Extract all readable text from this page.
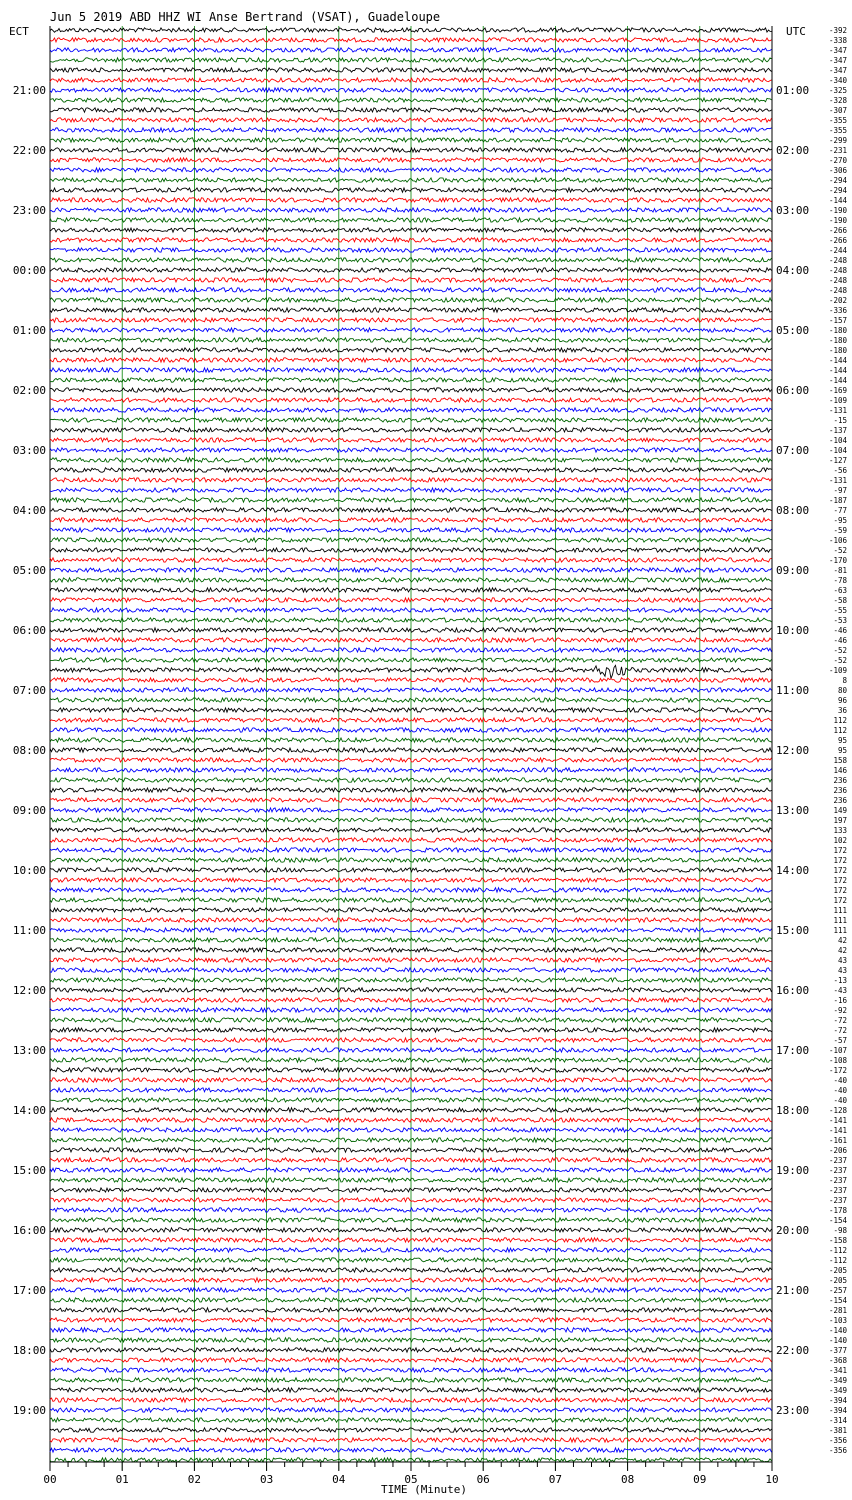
Jun 5 2019 ABD HHZ WI Anse Bertrand (VSAT), Guadeloupe
ECT	UTC
21:00
22:00
23:00
00:00
01:00
02:00
03:00
04:00
05:00
06:00
07:00
08:00
09:00
10:00
11:00
12:00
13:00
14:00
15:00
16:00
17:00
18:00
19:00
01:00
02:00
03:00
04:00
05:00
06:00
07:00
08:00
09:00
10:00
11:00
12:00
13:00
14:00
15:00
16:00
17:00
18:00
19:00
20:00
21:00
22:00
23:00
-392
-338
-347
-347
-347
-340
-325
-328
-307
-355
-355
-299
-231
-270
-306
-294
-294
-144
-190
-190
-266
-266
-244
-248
-248
-248
-248
-202
-336
-157
-180
-180
-180
-144
-144
-144
-169
-109
-131
-15
-137
-104
-104
-127
-56
-131
-97
-187
-77
-95
-59
-106
-52
-170
-81
-78
-63
-58
-55
-53
-46
-46
-52
-52
-109
8
80
96
36
112
112
95
95
158
146
236
236
236
149
197
133
102
172
172
172
172
172
172
111
111
111
42
42
43
43
-13
-43
-16
-92
-72
-72
-57
-107
-108
-172
-40
-40
-40
-128
-141
-141
-161
-206
-237
-237
-237
-237
-237
-178
-154
-98
-158
-112
-112
-205
-205
-257
-154
-281
-103
-140
-140
-377
-368
-341
-349
-349
-394
-394
-314
-381
-356
-356
00	01	02	03	04	05	06	07	08	09	10
TIME (Minute)
